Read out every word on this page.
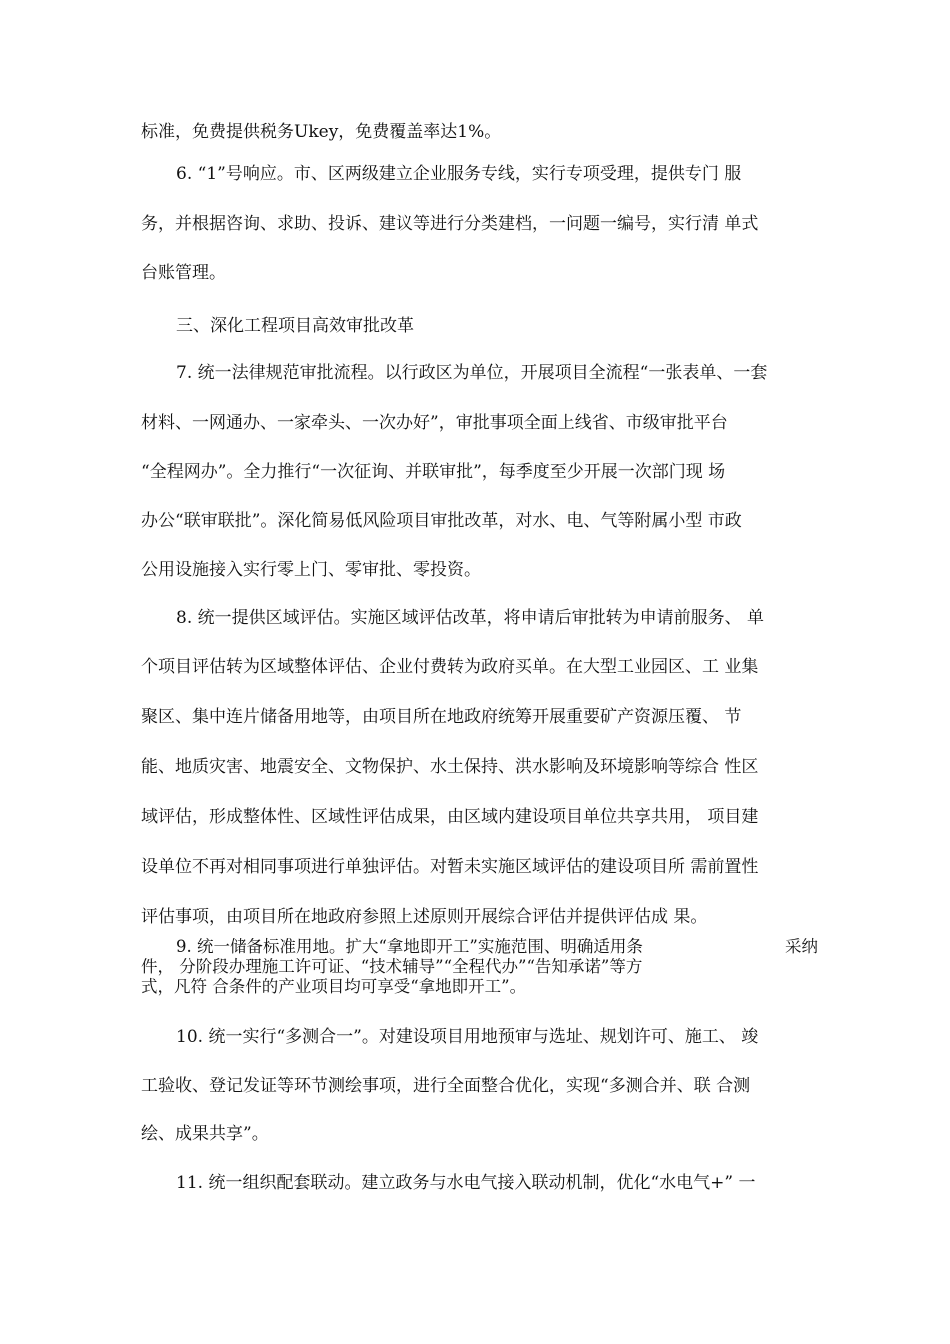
标准，免费提供税务Ukey，免费覆盖率达1%。
6. “1”号响应。市、区两级建立企业服务专线，实行专项受理，提供专门 服
务，并根据咨询、求助、投诉、建议等进行分类建档，一问题一编号，实行清 单式
台账管理。
三、深化工程项目高效审批改革
7. 统一法律规范审批流程。以行政区为单位，开展项目全流程“一张表单、一套
材料、一网通办、一家牵头、一次办好”，审批事项全面上线省、市级审批平台
“全程网办”。全力推行“一次征询、并联审批”，每季度至少开展一次部门现 场
办公“联审联批”。深化简易低风险项目审批改革，对水、电、气等附属小型 市政
公用设施接入实行零上门、零审批、零投资。
8. 统一提供区域评估。实施区域评估改革，将申请后审批转为申请前服务、 单
个项目评估转为区域整体评估、企业付费转为政府买单。在大型工业园区、工 业集
聚区、集中连片储备用地等，由项目所在地政府统筹开展重要矿产资源压覆、 节
能、地质灾害、地震安全、文物保护、水土保持、洪水影响及环境影响等综合 性区
域评估，形成整体性、区域性评估成果，由区域内建设项目单位共享共用， 项目建
设单位不再对相同事项进行单独评估。对暂未实施区域评估的建设项目所 需前置性
评估事项，由项目所在地政府参照上述原则开展综合评估并提供评估成 果。
9. 统一储备标准用地。扩大“拿地即开工”实施范围、明确适用条	采纳
件， 分阶段办理施工许可证、“技术辅导”“全程代办”“告知承诺”等方
式，凡符 合条件的产业项目均可享受“拿地即开工”。
10. 统一实行“多测合一”。对建设项目用地预审与选址、规划许可、施工、 竣
工验收、登记发证等环节测绘事项，进行全面整合优化，实现“多测合并、联 合测
绘、成果共享”。
11. 统一组织配套联动。建立政务与水电气接入联动机制，优化“水电气+” 一
